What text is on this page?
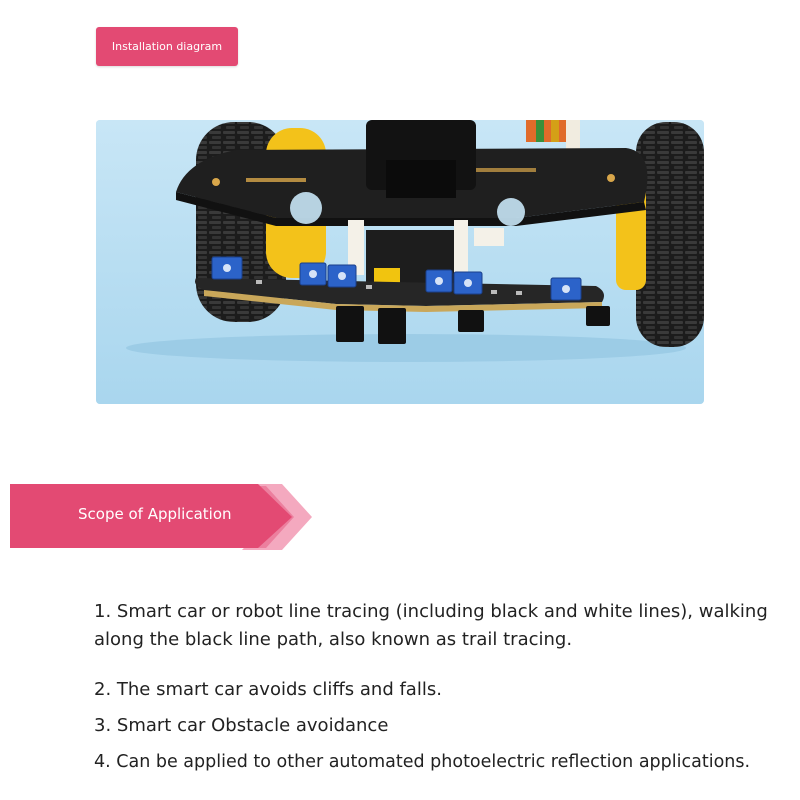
Installation diagram
Scope of Application
1. Smart car or robot line tracing (including black and white lines), walking along the black line path, also known as trail tracing.
2. The smart car avoids cliffs and falls.
3. Smart car Obstacle avoidance
4. Can be applied to other automated photoelectric reflection applications.
